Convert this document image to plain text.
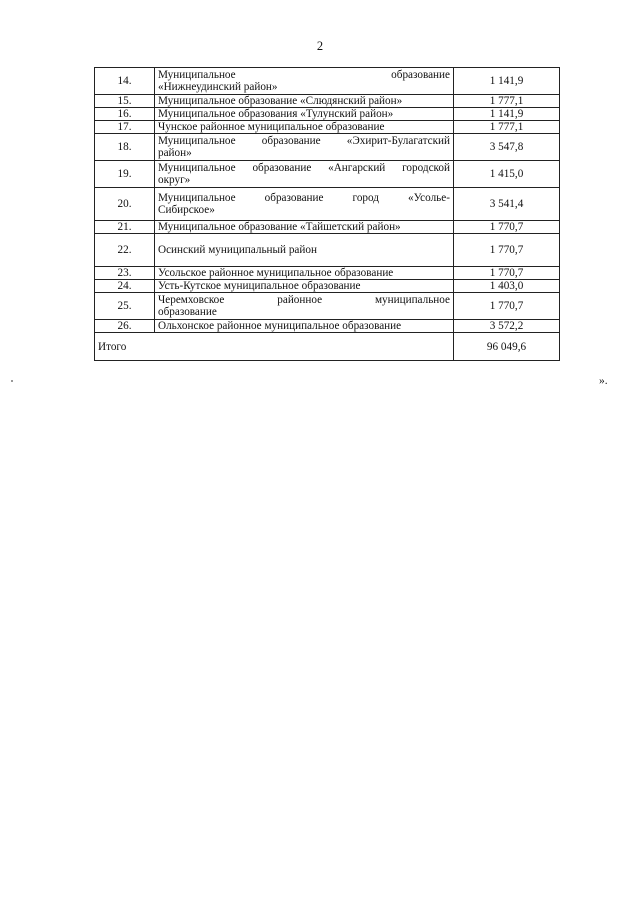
2
14.	Муниципальное образование
«Нижнеудинский район»	1 141,9
15.	Муниципальное образование «Слюдянский район»	1 777,1
16.	Муниципальное образования «Тулунский район»	1 141,9
17.	Чунское районное муниципальное образование	1 777,1
18.	Муниципальное образование «Эхирит-Булагатский
район»	3 547,8
19.	Муниципальное образование «Ангарский городской
округ»	1 415,0
20.	Муниципальное образование город «Усолье-
Сибирское»	3 541,4
21.	Муниципальное образование «Тайшетский район»	1 770,7
22.	Осинский муниципальный район	1 770,7
23.	Усольское районное муниципальное образование	1 770,7
24.	Усть-Кутское муниципальное образование	1 403,0
25.	Черемховское районное муниципальное
образование	1 770,7
26.	Ольхонское районное муниципальное образование	3 572,2
Итого		96 049,6
».
